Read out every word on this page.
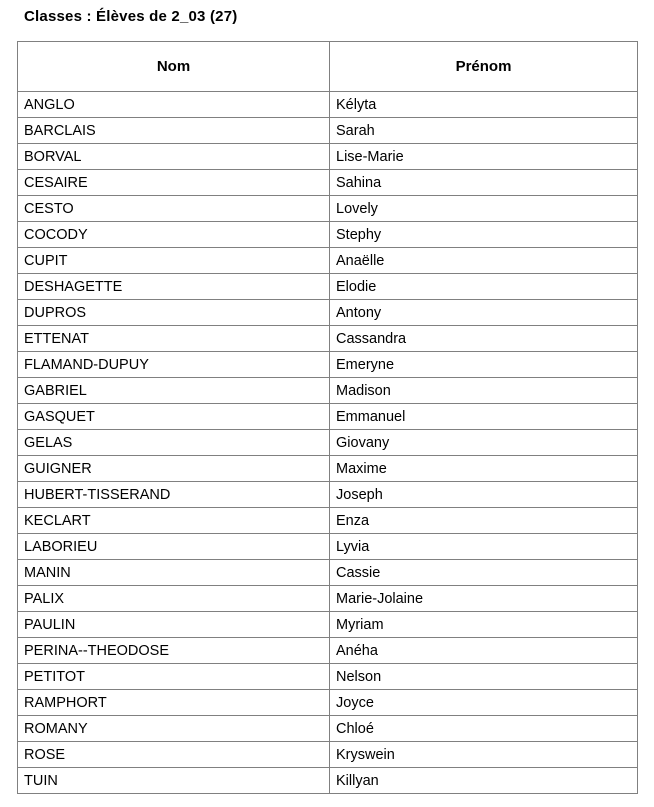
Classes : Élèves de 2_03 (27)
Nom	Prénom
ANGLO	Kélyta
BARCLAIS	Sarah
BORVAL	Lise-Marie
CESAIRE	Sahina
CESTO	Lovely
COCODY	Stephy
CUPIT	Anaëlle
DESHAGETTE	Elodie
DUPROS	Antony
ETTENAT	Cassandra
FLAMAND-DUPUY	Emeryne
GABRIEL	Madison
GASQUET	Emmanuel
GELAS	Giovany
GUIGNER	Maxime
HUBERT-TISSERAND	Joseph
KECLART	Enza
LABORIEU	Lyvia
MANIN	Cassie
PALIX	Marie-Jolaine
PAULIN	Myriam
PERINA--THEODOSE	Anéha
PETITOT	Nelson
RAMPHORT	Joyce
ROMANY	Chloé
ROSE	Kryswein
TUIN	Killyan
